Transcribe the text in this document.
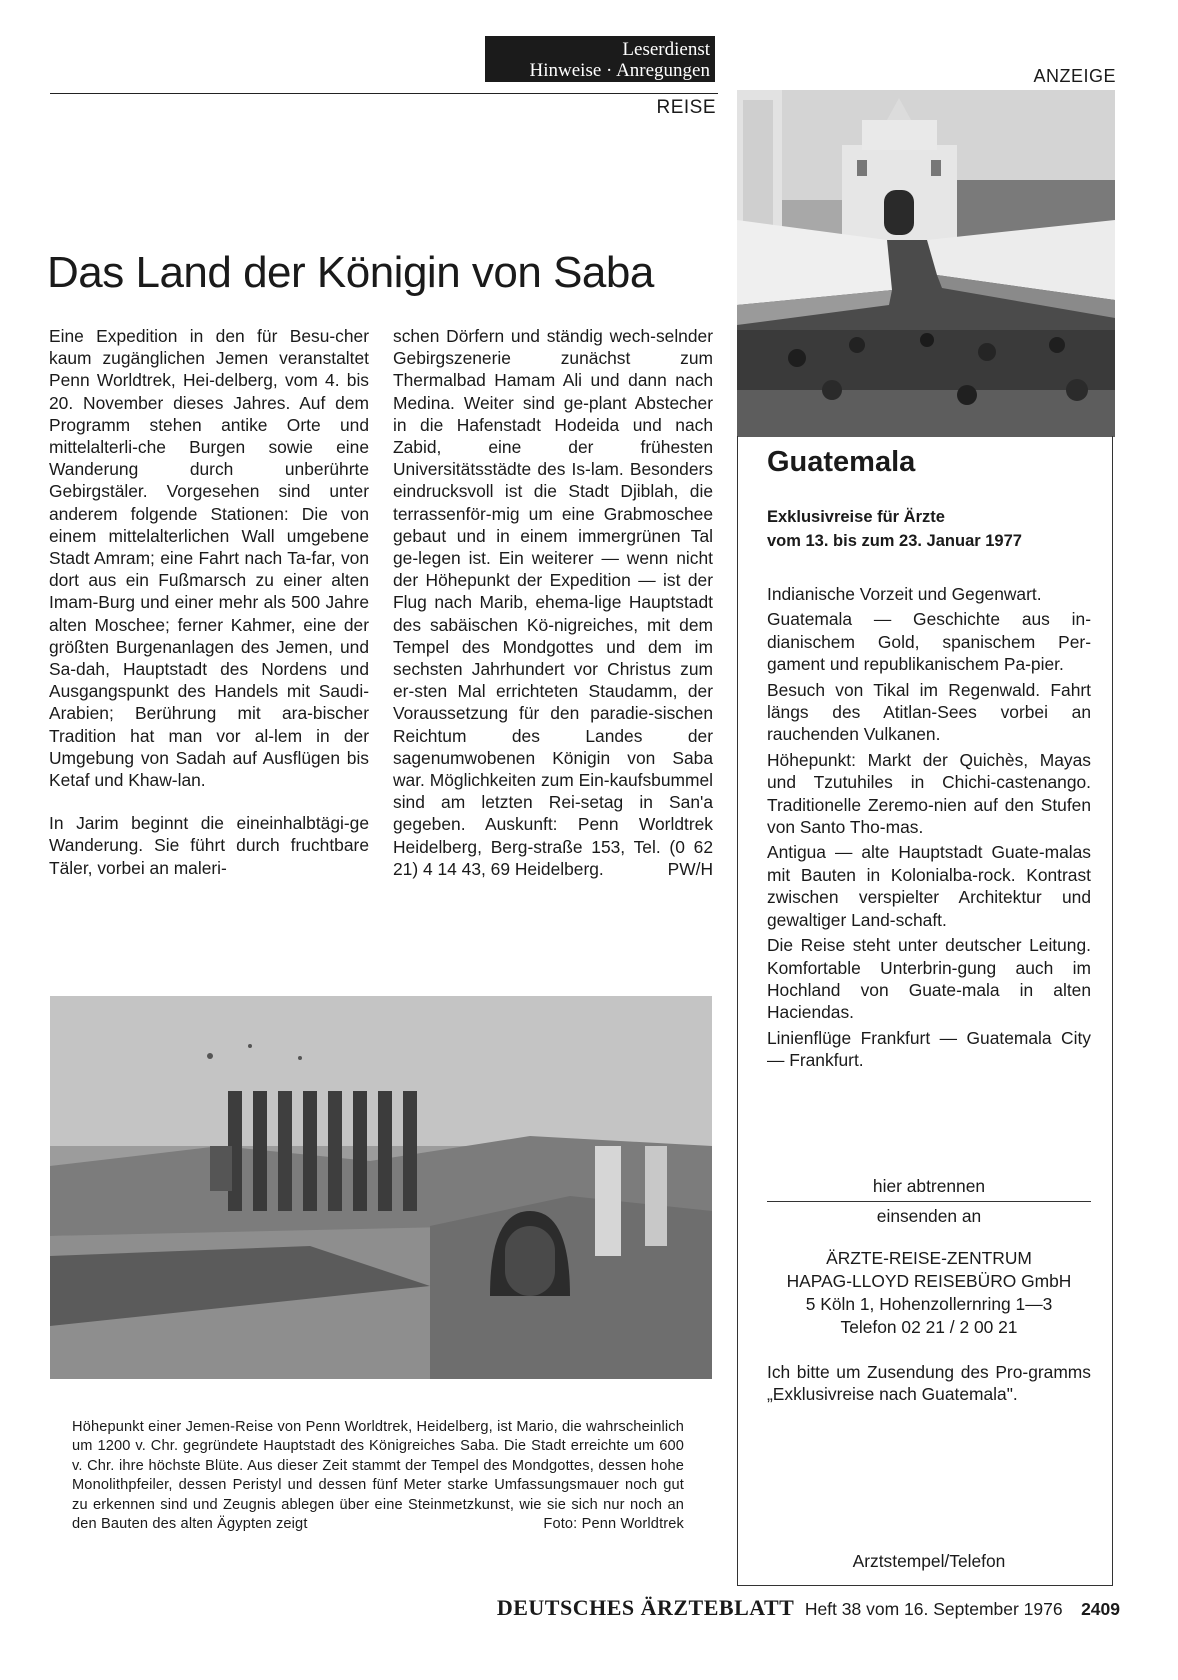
Leserdienst
Hinweise · Anregungen
REISE
ANZEIGE
Das Land der Königin von Saba

Eine Expedition in den für Besu-cher kaum zugänglichen Jemen veranstaltet Penn Worldtrek, Hei-delberg, vom 4. bis 20. November dieses Jahres. Auf dem Programm stehen antike Orte und mittelalterli-che Burgen sowie eine Wanderung durch unberührte Gebirgstäler. Vorgesehen sind unter anderem folgende Stationen: Die von einem mittelalterlichen Wall umgebene Stadt Amram; eine Fahrt nach Ta-far, von dort aus ein Fußmarsch zu einer alten Imam-Burg und einer mehr als 500 Jahre alten Moschee; ferner Kahmer, eine der größten Burgenanlagen des Jemen, und Sa-dah, Hauptstadt des Nordens und Ausgangspunkt des Handels mit Saudi-Arabien; Berührung mit ara-bischer Tradition hat man vor al-lem in der Umgebung von Sadah auf Ausflügen bis Ketaf und Khaw-lan.

In Jarim beginnt die eineinhalbtägi-ge Wanderung. Sie führt durch fruchtbare Täler, vorbei an maleri-

schen Dörfern und ständig wech-selnder Gebirgszenerie zunächst zum Thermalbad Hamam Ali und dann nach Medina. Weiter sind ge-plant Abstecher in die Hafenstadt Hodeida und nach Zabid, eine der frühesten Universitätsstädte des Is-lam. Besonders eindrucksvoll ist die Stadt Djiblah, die terrassenför-mig um eine Grabmoschee gebaut und in einem immergrünen Tal ge-legen ist. Ein weiterer — wenn nicht der Höhepunkt der Expedition — ist der Flug nach Marib, ehema-lige Hauptstadt des sabäischen Kö-nigreiches, mit dem Tempel des Mondgottes und dem im sechsten Jahrhundert vor Christus zum er-sten Mal errichteten Staudamm, der Voraussetzung für den paradie-sischen Reichtum des Landes der sagenumwobenen Königin von Saba war. Möglichkeiten zum Ein-kaufsbummel sind am letzten Rei-setag in San'a gegeben. Auskunft: Penn Worldtrek Heidelberg, Berg-straße 153, Tel. (0 62 21) 4 14 43, 69 Heidelberg.	PW/H

Höhepunkt einer Jemen-Reise von Penn Worldtrek, Heidelberg, ist Mario, die wahrscheinlich um 1200 v. Chr. gegründete Hauptstadt des Königreiches Saba. Die Stadt erreichte um 600 v. Chr. ihre höchste Blüte. Aus dieser Zeit stammt der Tempel des Mondgottes, dessen hohe Monolithpfeiler, dessen Peristyl und dessen fünf Meter starke Umfassungsmauer noch gut zu erkennen sind und Zeugnis ablegen über eine Steinmetzkunst, wie sie sich nur noch an den Bauten des alten Ägypten zeigt	Foto: Penn Worldtrek
Guatemala
Exklusivreise für Ärzte
vom 13. bis zum 23. Januar 1977

Indianische Vorzeit und Gegenwart.

Guatemala — Geschichte aus in-dianischem Gold, spanischem Per-gament und republikanischem Pa-pier.

Besuch von Tikal im Regenwald. Fahrt längs des Atitlan-Sees vorbei an rauchenden Vulkanen.

Höhepunkt: Markt der Quichès, Mayas und Tzutuhiles in Chichi-castenango. Traditionelle Zeremo-nien auf den Stufen von Santo Tho-mas.

Antigua — alte Hauptstadt Guate-malas mit Bauten in Kolonialba-rock. Kontrast zwischen verspielter Architektur und gewaltiger Land-schaft.

Die Reise steht unter deutscher Leitung. Komfortable Unterbrin-gung auch im Hochland von Guate-mala in alten Haciendas.

Linienflüge Frankfurt — Guatemala City — Frankfurt.

hier abtrennen
einsenden an
ÄRZTE-REISE-ZENTRUM
HAPAG-LLOYD REISEBÜRO GmbH
5 Köln 1, Hohenzollernring 1—3
Telefon 02 21 / 2 00 21
Ich bitte um Zusendung des Pro-gramms „Exklusivreise nach Guatemala".
Arztstempel/Telefon
DEUTSCHES ÄRZTEBLATT Heft 38 vom 16. September 1976 2409
